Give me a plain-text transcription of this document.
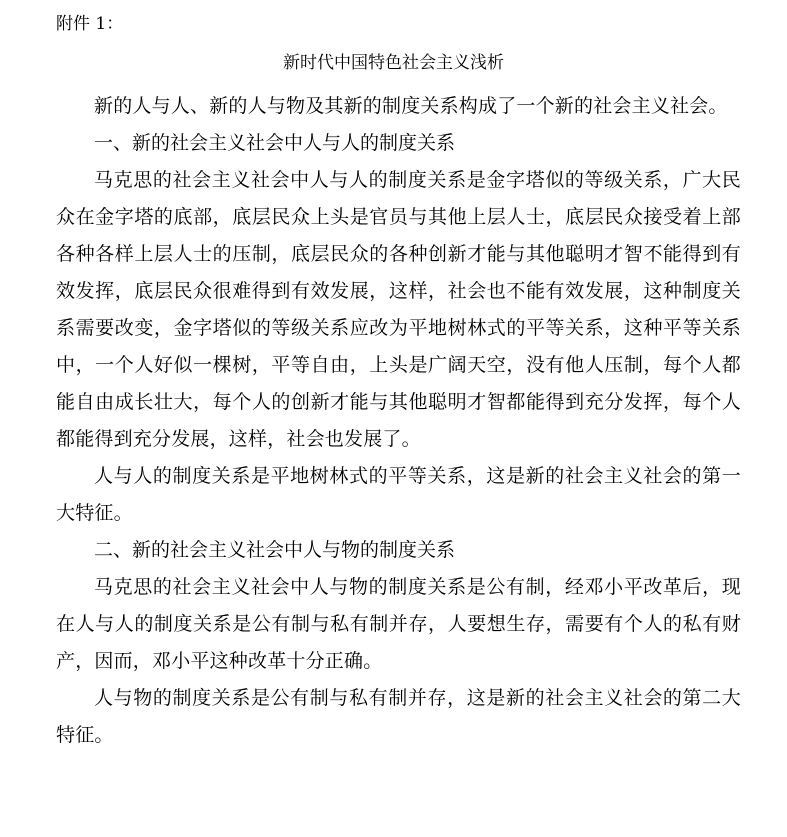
附件 1：
新时代中国特色社会主义浅析

新的人与人、新的人与物及其新的制度关系构成了一个新的社会主义社会。

一、新的社会主义社会中人与人的制度关系

马克思的社会主义社会中人与人的制度关系是金字塔似的等级关系，广大民众在金字塔的底部，底层民众上头是官员与其他上层人士，底层民众接受着上部各种各样上层人士的压制，底层民众的各种创新才能与其他聪明才智不能得到有效发挥，底层民众很难得到有效发展，这样，社会也不能有效发展，这种制度关系需要改变，金字塔似的等级关系应改为平地树林式的平等关系，这种平等关系中，一个人好似一棵树，平等自由，上头是广阔天空，没有他人压制，每个人都能自由成长壮大，每个人的创新才能与其他聪明才智都能得到充分发挥，每个人都能得到充分发展，这样，社会也发展了。

人与人的制度关系是平地树林式的平等关系，这是新的社会主义社会的第一大特征。

二、新的社会主义社会中人与物的制度关系

马克思的社会主义社会中人与物的制度关系是公有制，经邓小平改革后，现在人与人的制度关系是公有制与私有制并存，人要想生存，需要有个人的私有财产，因而，邓小平这种改革十分正确。

人与物的制度关系是公有制与私有制并存，这是新的社会主义社会的第二大特征。
